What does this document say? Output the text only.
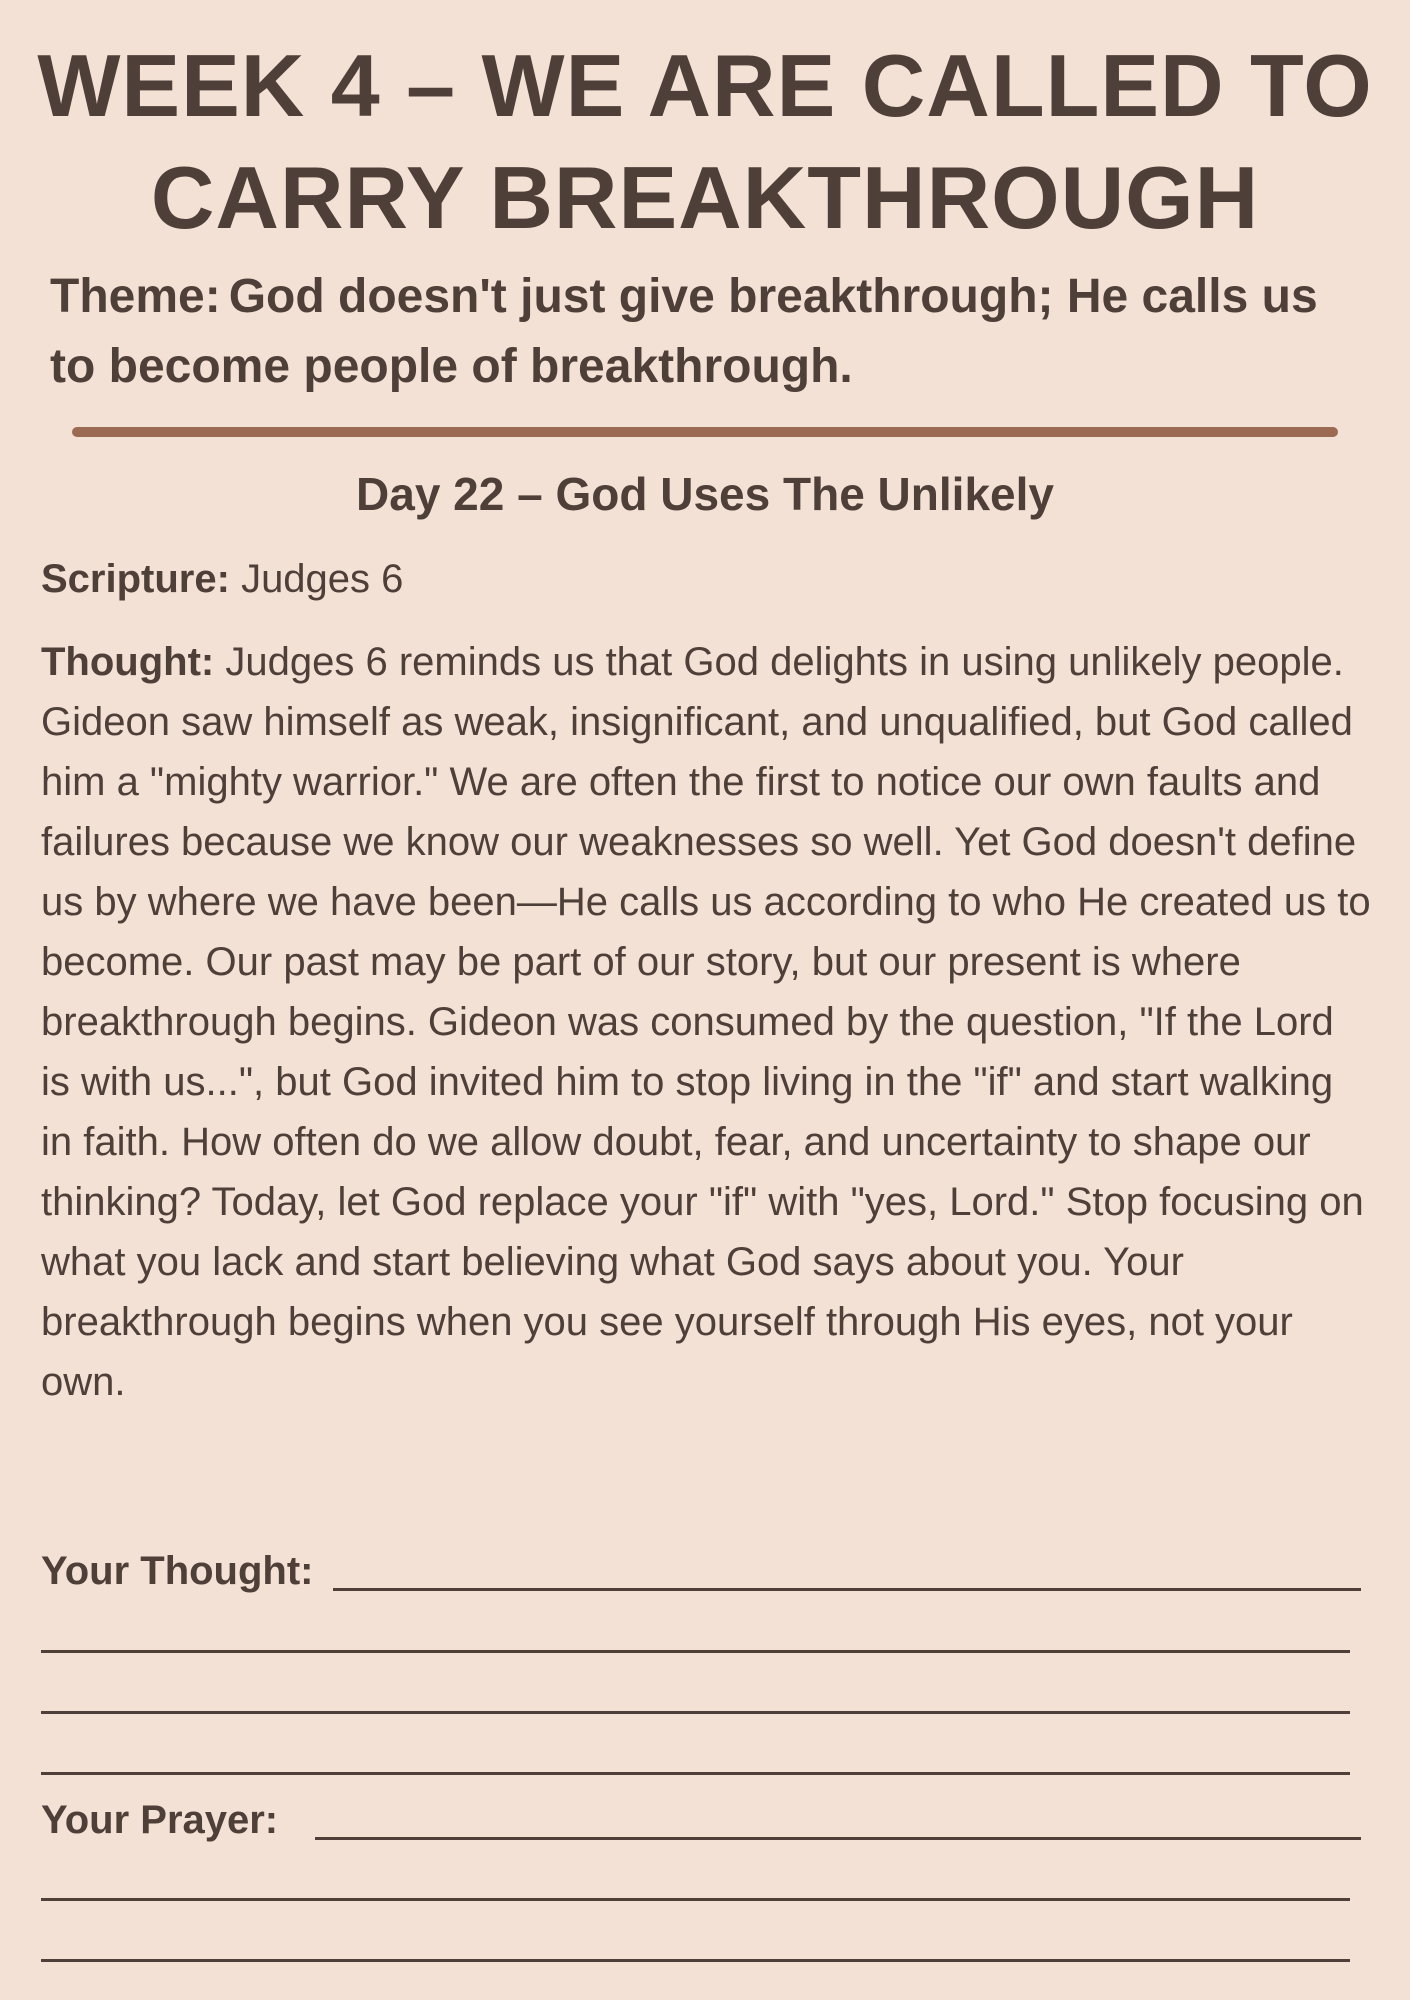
WEEK 4 – WE ARE CALLED TO
CARRY BREAKTHROUGH

Theme: God doesn't just give breakthrough; He calls us to become people of breakthrough.

Day 22 – God Uses The Unlikely

Scripture: Judges 6

Thought: Judges 6 reminds us that God delights in using unlikely people. Gideon saw himself as weak, insignificant, and unqualified, but God called him a "mighty warrior." We are often the first to notice our own faults and failures because we know our weaknesses so well. Yet God doesn't define us by where we have been—He calls us according to who He created us to become. Our past may be part of our story, but our present is where breakthrough begins. Gideon was consumed by the question, "If the Lord is with us...", but God invited him to stop living in the "if" and start walking in faith. How often do we allow doubt, fear, and uncertainty to shape our thinking? Today, let God replace your "if" with "yes, Lord." Stop focusing on what you lack and start believing what God says about you. Your breakthrough begins when you see yourself through His eyes, not your own.

Your Thought:
Your Prayer:
